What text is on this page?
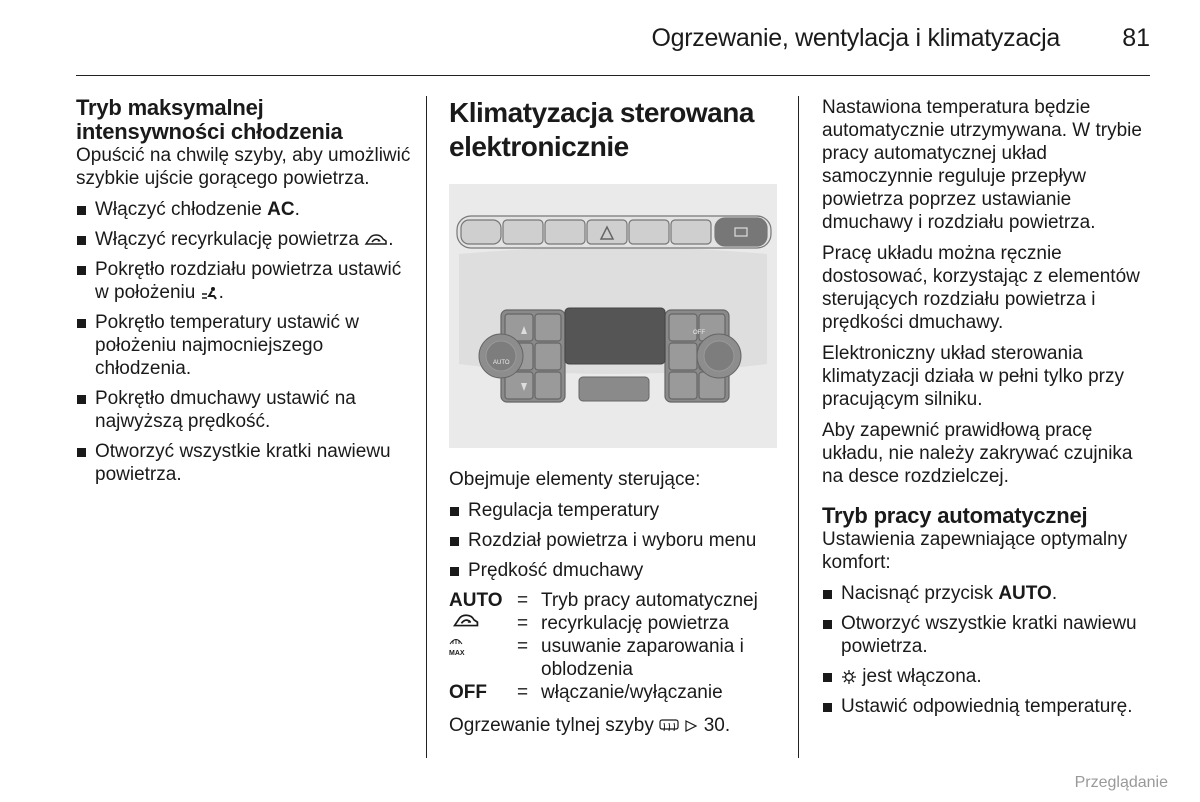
Ogrzewanie, wentylacja i klimatyzacja	81
Tryb maksymalnej intensywności chłodzenia

Opuścić na chwilę szyby, aby umożliwić szybkie ujście gorącego powietrza.

Włączyć chłodzenie AC.
Włączyć recyrkulację powietrza .
Pokrętło rozdziału powietrza ustawić w położeniu .
Pokrętło temperatury ustawić w położeniu najmocniejszego chłodzenia.
Pokrętło dmuchawy ustawić na najwyższą prędkość.
Otworzyć wszystkie kratki nawiewu powietrza.
Klimatyzacja sterowana elektronicznie
AUTO
OFF

Obejmuje elementy sterujące:

Regulacja temperatury
Rozdział powietrza i wyboru menu
Prędkość dmuchawy
AUTO = Tryb pracy automatycznej
= recyrkulację powietrza

MAX	= usuwanie zaparowania i oblodzenia
OFF	= włączanie/wyłączanie

Ogrzewanie tylnej szyby	30.

Nastawiona temperatura będzie automatycznie utrzymywana. W trybie pracy automatycznej układ samoczynnie reguluje przepływ powietrza poprzez ustawianie dmuchawy i rozdziału powietrza.

Pracę układu można ręcznie dostosować, korzystając z elementów sterujących rozdziału powietrza i prędkości dmuchawy.

Elektroniczny układ sterowania klimatyzacji działa w pełni tylko przy pracującym silniku.

Aby zapewnić prawidłową pracę układu, nie należy zakrywać czujnika na desce rozdzielczej.

Tryb pracy automatycznej

Ustawienia zapewniające optymalny komfort:

Nacisnąć przycisk AUTO.
Otworzyć wszystkie kratki nawiewu powietrza.
jest włączona.
Ustawić odpowiednią temperaturę.
Przeglądanie
